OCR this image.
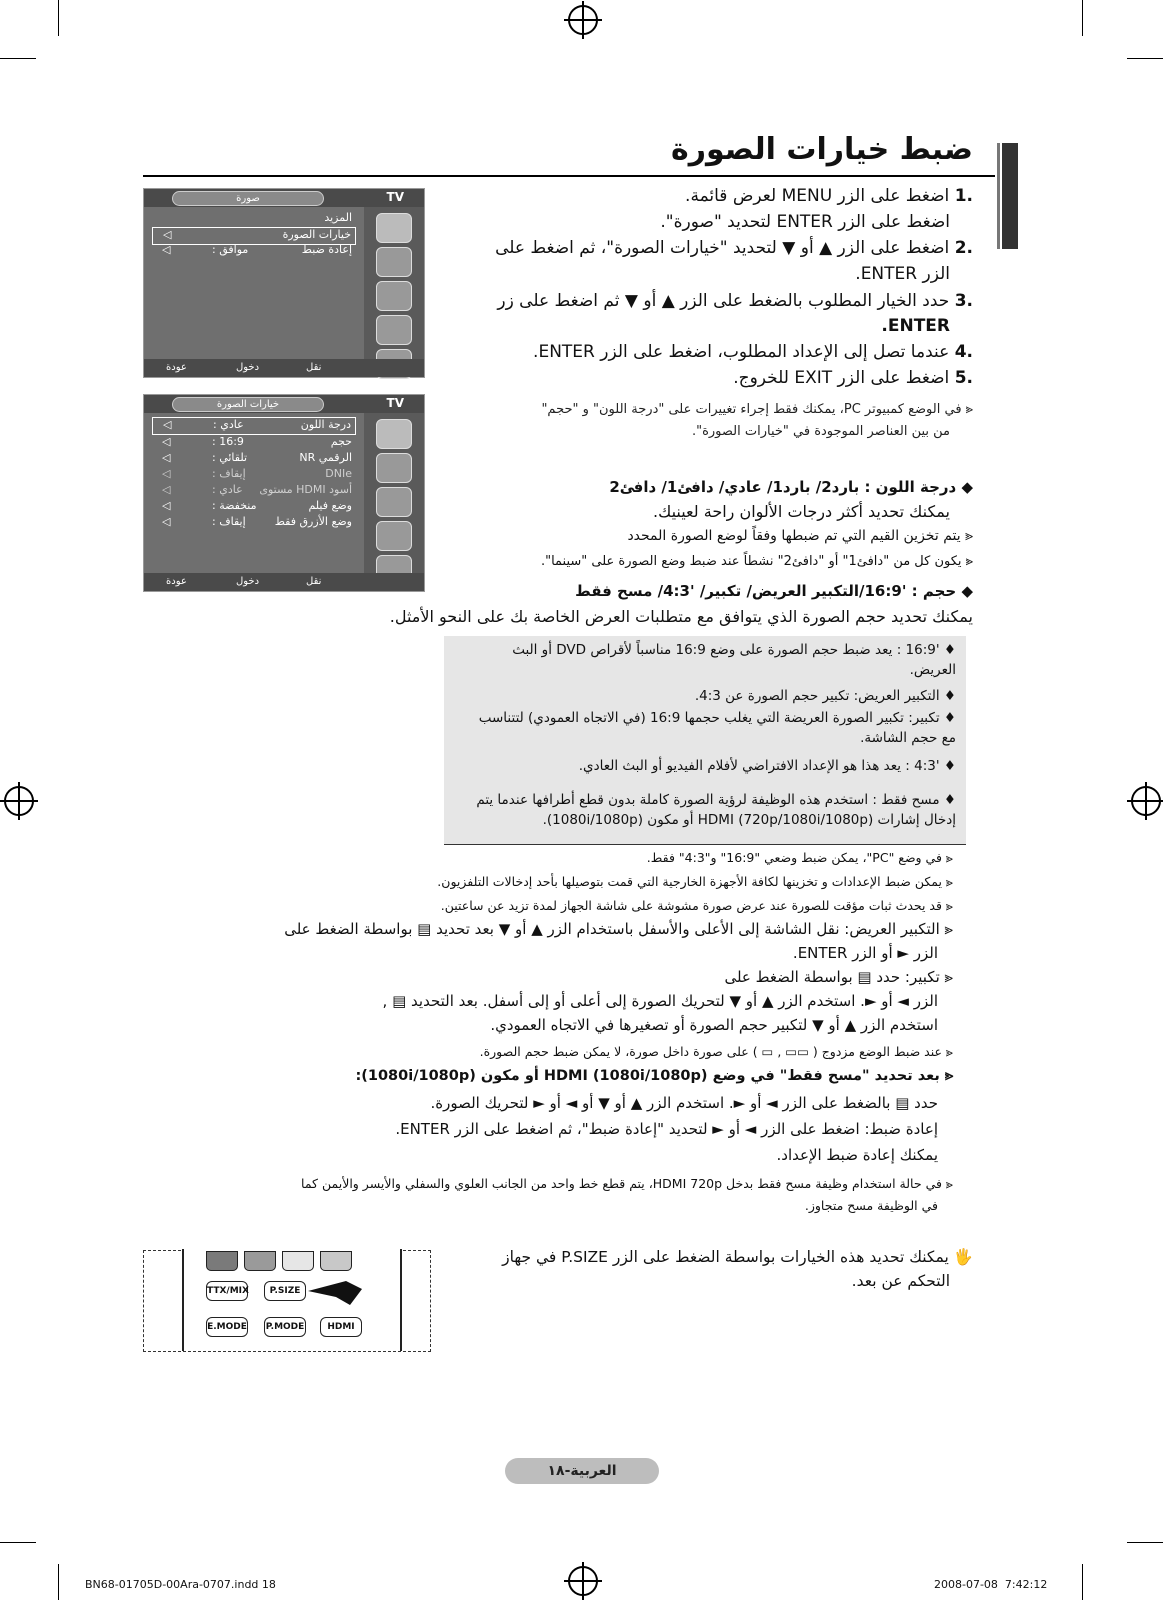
ضبط خيارات الصورة
.1 اضغط على الزر MENU لعرض قائمة.
اضغط على الزر ENTER لتحديد "صورة".
.2 اضغط على الزر ▲ أو ▼ لتحديد "خيارات الصورة"، ثم اضغط على
الزر ENTER.
.3 حدد الخيار المطلوب بالضغط على الزر ▲ أو ▼ ثم اضغط على زر
ENTER.
.4 عندما تصل إلى الإعداد المطلوب، اضغط على الزر ENTER.
.5 اضغط على الزر EXIT للخروج.
⪡ في الوضع كمبيوتر PC، يمكنك فقط إجراء تغييرات على "درجة اللون" و "حجم"
من بين العناصر الموجودة في "خيارات الصورة".
صورة	TV
المزيد
خيارات الصورة
◁
إعادة ضبط
: موافق
◁
نقل
دخول
عودة
خيارات الصورة	TV
درجة اللون
: عادي
◁
حجم
: 16:9
◁
NR الرقمي
: تلقائي
◁
DNIe
: إيقاف
◁
مستوى HDMI أسود
: عادي
◁
وضع فيلم
: منخفضة
◁
وضع الأزرق فقط
: إيقاف
◁
نقل
دخول
عودة
◆ درجة اللون : بارد2/ بارد1/ عادي/ دافئ1/ دافئ2
يمكنك تحديد أكثر درجات الألوان راحة لعينيك.
⪡ يتم تخزين القيم التي تم ضبطها وفقاً لوضع الصورة المحدد
⪡ يكون كل من "دافئ1" أو "دافئ2" نشطاً عند ضبط وضع الصورة على "سينما".
◆ حجم : '16:9/التكبير العريض/ تكبير/ '4:3/ مسح فقط
يمكنك تحديد حجم الصورة الذي يتوافق مع متطلبات العرض الخاصة بك على النحو الأمثل.
♦ '16:9 : يعد ضبط حجم الصورة على وضع 16:9 مناسباً لأقراص DVD أو البث العريض.
♦ التكبير العريض: تكبير حجم الصورة عن 4:3.
♦ تكبير: تكبير الصورة العريضة التي يغلب حجمها 16:9 (في الاتجاه العمودي) لتتناسب مع حجم الشاشة.
♦ '4:3 : يعد هذا هو الإعداد الافتراضي لأفلام الفيديو أو البث العادي.
♦ مسح فقط : استخدم هذه الوظيفة لرؤية الصورة كاملة بدون قطع أطرافها عندما يتم إدخال إشارات HDMI (720p/1080i/1080p) أو مكون (1080i/1080p).
⪡ في وضع "PC"، يمكن ضبط وضعي "16:9" و"4:3" فقط.
⪡ يمكن ضبط الإعدادات و تخزينها لكافة الأجهزة الخارجية التي قمت بتوصيلها بأحد إدخالات التلفزيون.
⪡ قد يحدث ثبات مؤقت للصورة عند عرض صورة مشوشة على شاشة الجهاز لمدة تزيد عن ساعتين.
⪡ التكبير العريض: نقل الشاشة إلى الأعلى والأسفل باستخدام الزر ▲ أو ▼ بعد تحديد ▤ بواسطة الضغط على
الزر ► أو الزر ENTER.
⪡ تكبير: حدد ▤ بواسطة الضغط على
الزر ◄ أو ►. استخدم الزر ▲ أو ▼ لتحريك الصورة إلى أعلى أو إلى أسفل. بعد التحديد ▤ ,
استخدم الزر ▲ أو ▼ لتكبير حجم الصورة أو تصغيرها في الاتجاه العمودي.
⪡ عند ضبط الوضع مزدوج ( ▭▭ , ▭ ) على صورة داخل صورة، لا يمكن ضبط حجم الصورة.
⪡ بعد تحديد "مسح فقط" في وضع HDMI (1080i/1080p) أو مكون (1080i/1080p):
حدد ▤ بالضغط على الزر ◄ أو ►. استخدم الزر ▲ أو ▼ أو ◄ أو ► لتحريك الصورة.
إعادة ضبط: اضغط على الزر ◄ أو ► لتحديد "إعادة ضبط"، ثم اضغط على الزر ENTER.
يمكنك إعادة ضبط الإعداد.
⪡ في حالة استخدام وظيفة مسح فقط بدخل HDMI 720p، يتم قطع خط واحد من الجانب العلوي والسفلي والأيسر والأيمن كما
في الوظيفة مسح متجاوز.
🖐 يمكنك تحديد هذه الخيارات بواسطة الضغط على الزر P.SIZE في جهاز
التحكم عن بعد.
TTX/MIX	P.SIZE
E.MODE P.MODE	HDMI
العربية-١٨
BN68-01705D-00Ara-0707.indd 18	2008-07-08 ￼￼ 7:42:12
